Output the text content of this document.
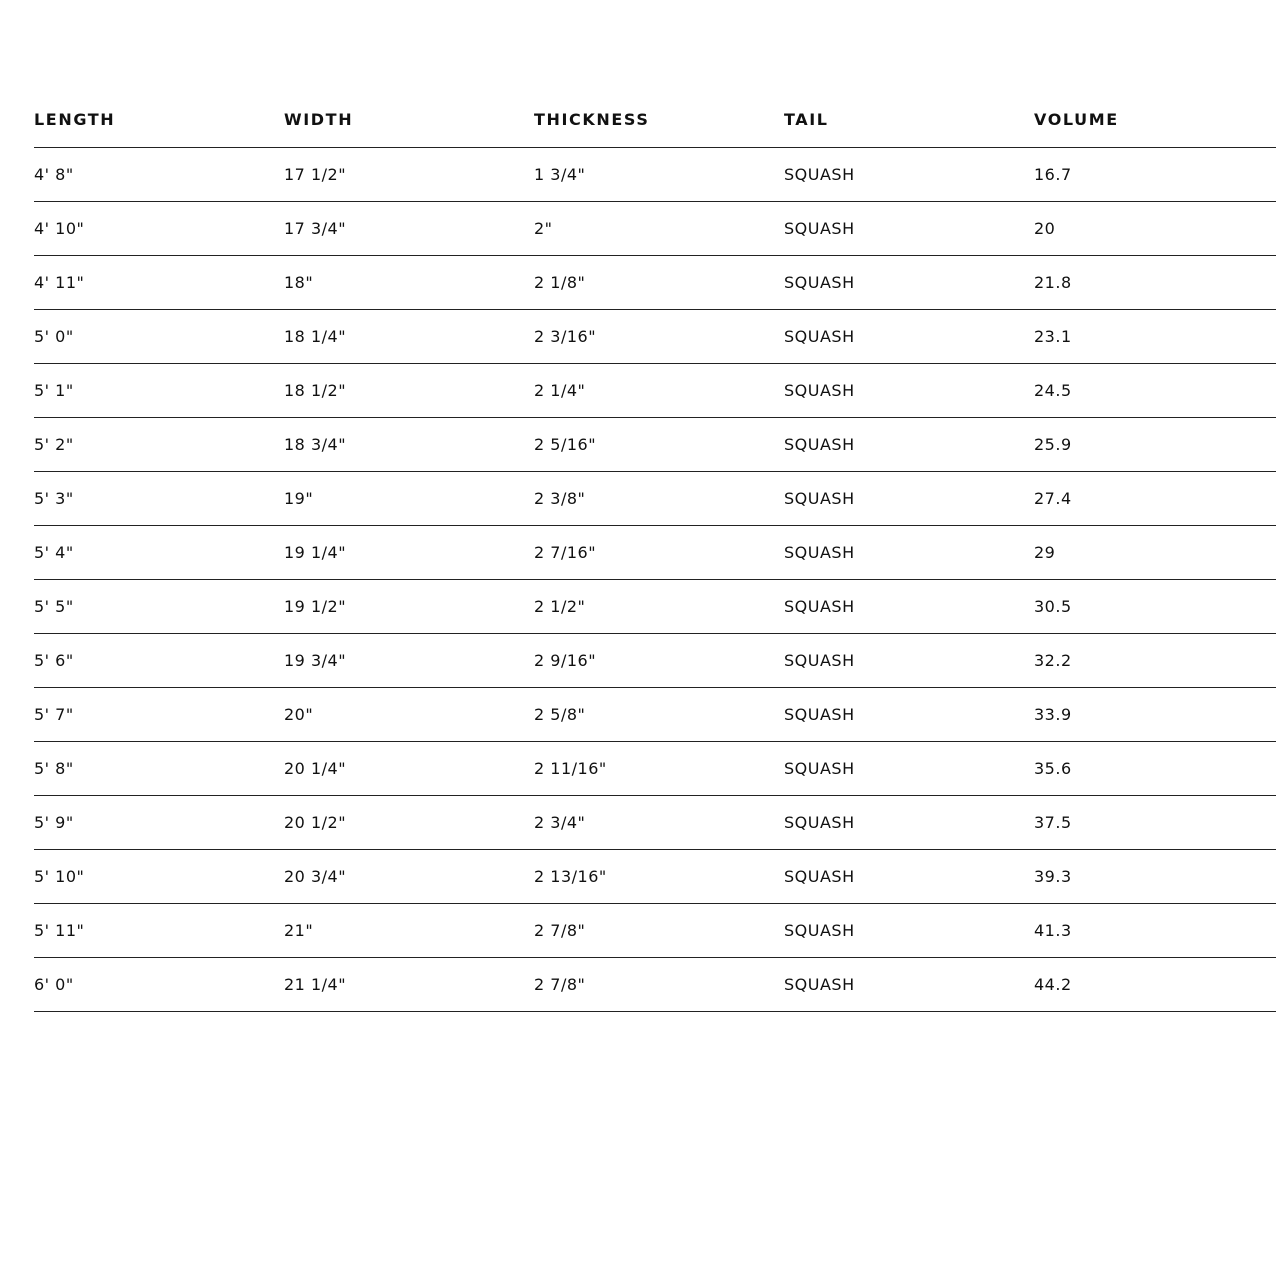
LENGTH	WIDTH	THICKNESS	TAIL	VOLUME
4' 8"	17 1/2"	1 3/4"	SQUASH	16.7
4' 10"	17 3/4"	2"	SQUASH	20
4' 11"	18"	2 1/8"	SQUASH	21.8
5' 0"	18 1/4"	2 3/16"	SQUASH	23.1
5' 1"	18 1/2"	2 1/4"	SQUASH	24.5
5' 2"	18 3/4"	2 5/16"	SQUASH	25.9
5' 3"	19"	2 3/8"	SQUASH	27.4
5' 4"	19 1/4"	2 7/16"	SQUASH	29
5' 5"	19 1/2"	2 1/2"	SQUASH	30.5
5' 6"	19 3/4"	2 9/16"	SQUASH	32.2
5' 7"	20"	2 5/8"	SQUASH	33.9
5' 8"	20 1/4"	2 11/16"	SQUASH	35.6
5' 9"	20 1/2"	2 3/4"	SQUASH	37.5
5' 10"	20 3/4"	2 13/16"	SQUASH	39.3
5' 11"	21"	2 7/8"	SQUASH	41.3
6' 0"	21 1/4"	2 7/8"	SQUASH	44.2
